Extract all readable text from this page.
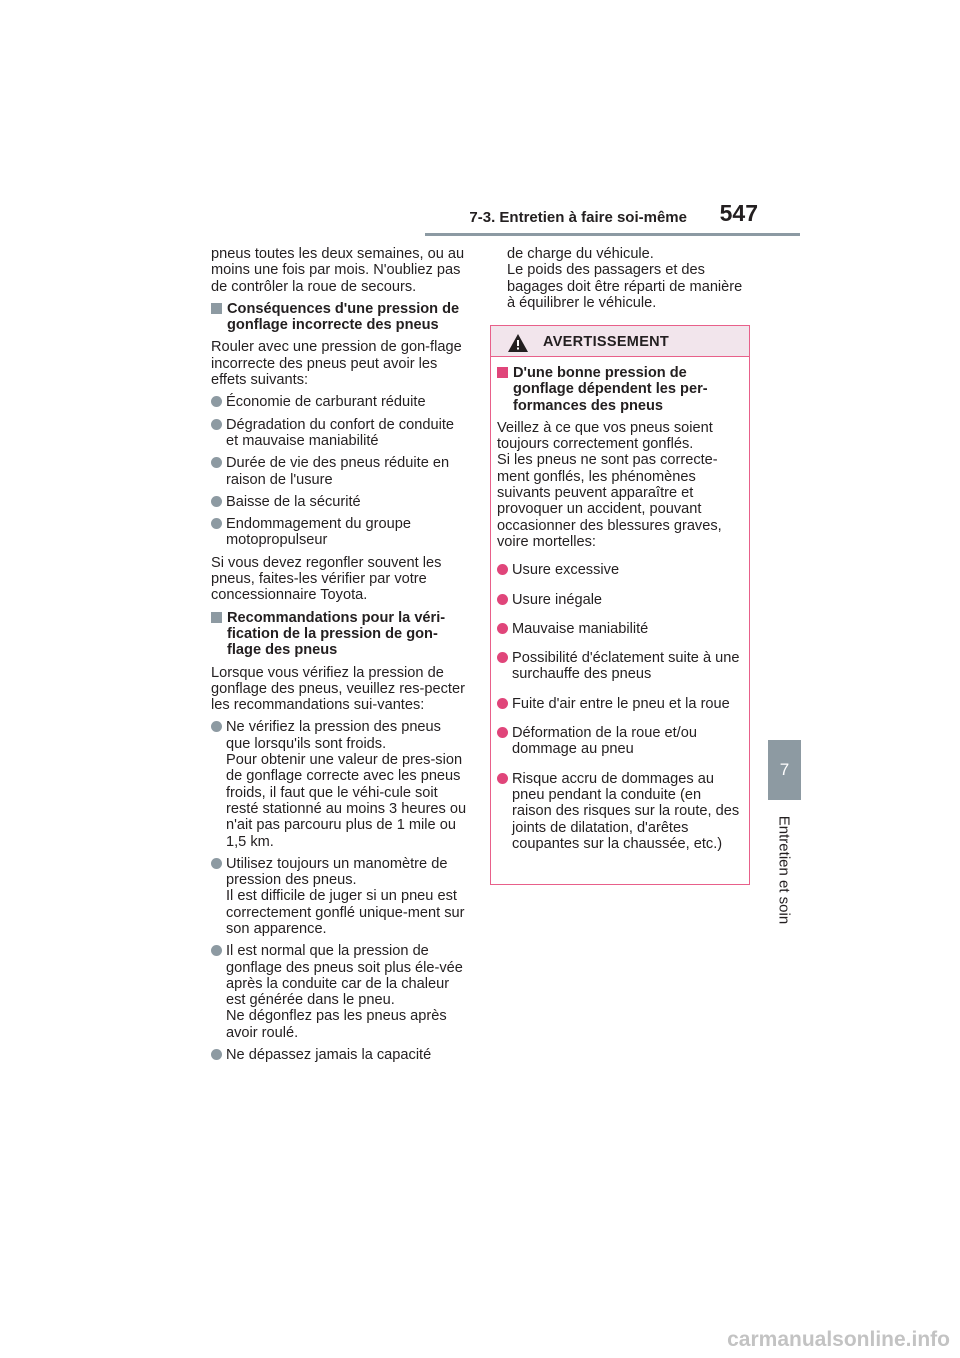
7-3. Entretien à faire soi-même 547
7
Entretien et soin

pneus toutes les deux semaines, ou au moins une fois par mois. N'oubliez pas de contrôler la roue de secours.

Conséquences d'une pression de gonflage incorrecte des pneus

Rouler avec une pression de gon-flage incorrecte des pneus peut avoir les effets suivants:

Économie de carburant réduite
Dégradation du confort de conduite et mauvaise maniabilité
Durée de vie des pneus réduite en raison de l'usure
Baisse de la sécurité
Endommagement du groupe motopropulseur

Si vous devez regonfler souvent les pneus, faites-les vérifier par votre concessionnaire Toyota.

Recommandations pour la véri-fication de la pression de gon-flage des pneus

Lorsque vous vérifiez la pression de gonflage des pneus, veuillez res-pecter les recommandations sui-vantes:

Ne vérifiez la pression des pneus que lorsqu'ils sont froids.
Pour obtenir une valeur de pres-sion de gonflage correcte avec les pneus froids, il faut que le véhi-cule soit resté stationné au moins 3 heures ou n'ait pas parcouru plus de 1 mile ou 1,5 km.
Utilisez toujours un manomètre de pression des pneus.
Il est difficile de juger si un pneu est correctement gonflé unique-ment sur son apparence.
Il est normal que la pression de gonflage des pneus soit plus éle-vée après la conduite car de la chaleur est générée dans le pneu.
Ne dégonflez pas les pneus après avoir roulé.
Ne dépassez jamais la capacité
de charge du véhicule.
Le poids des passagers et des bagages doit être réparti de manière à équilibrer le véhicule.
AVERTISSEMENT
D'une bonne pression de gonflage dépendent les per-formances des pneus

Veillez à ce que vos pneus soient toujours correctement gonflés.
Si les pneus ne sont pas correcte-ment gonflés, les phénomènes suivants peuvent apparaître et provoquer un accident, pouvant occasionner des blessures graves, voire mortelles:

Usure excessive
Usure inégale
Mauvaise maniabilité
Possibilité d'éclatement suite à une surchauffe des pneus
Fuite d'air entre le pneu et la roue
Déformation de la roue et/ou dommage au pneu
Risque accru de dommages au pneu pendant la conduite (en raison des risques sur la route, des joints de dilatation, d'arêtes coupantes sur la chaussée, etc.)
carmanualsonline.info
